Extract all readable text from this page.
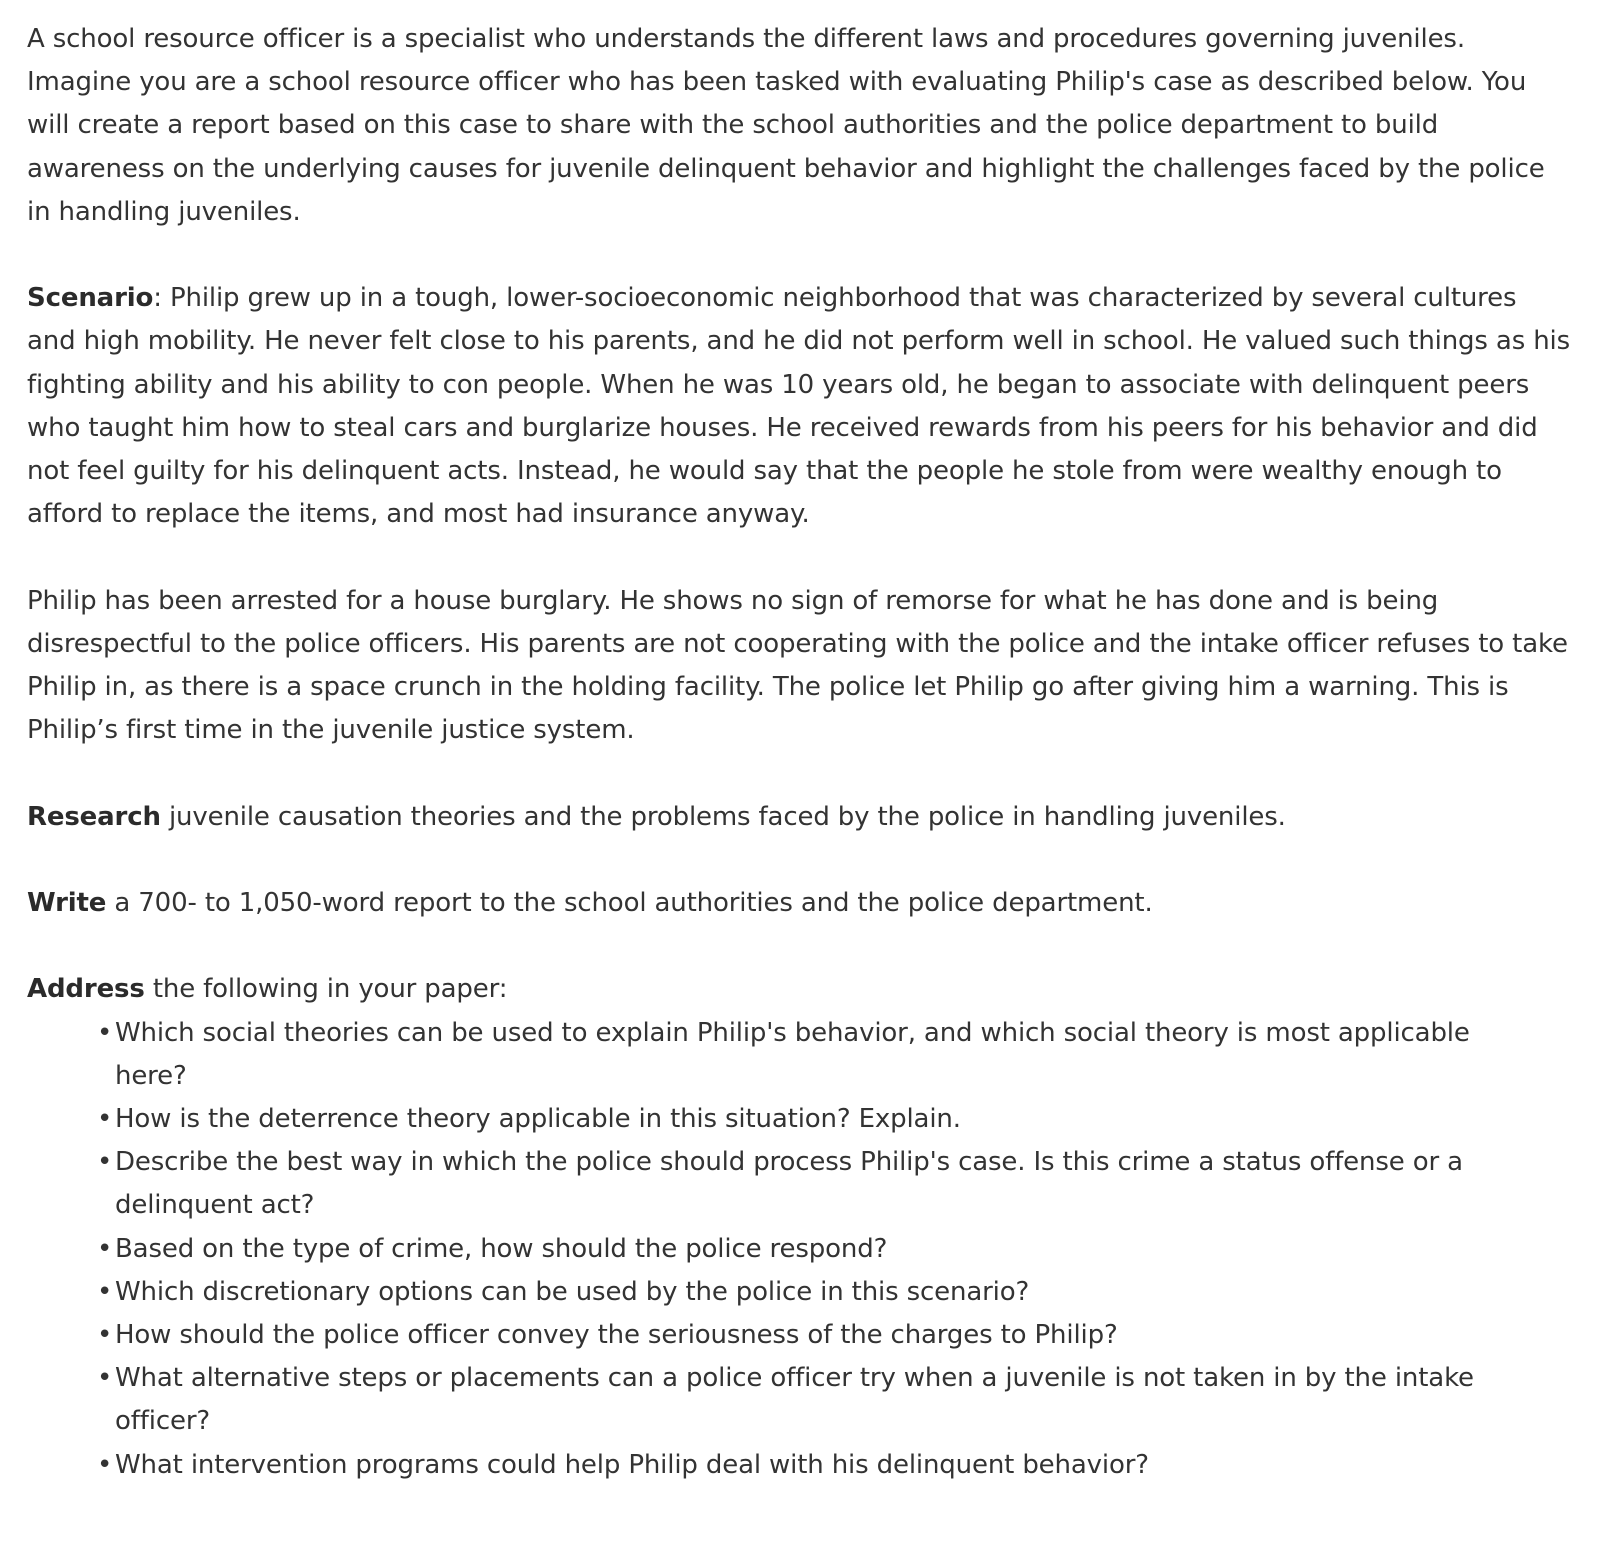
A school resource officer is a specialist who understands the different laws and procedures governing juveniles. Imagine you are a school resource officer who has been tasked with evaluating Philip's case as described below. You will create a report based on this case to share with the school authorities and the police department to build awareness on the underlying causes for juvenile delinquent behavior and highlight the challenges faced by the police in handling juveniles.

Scenario: Philip grew up in a tough, lower-socioeconomic neighborhood that was characterized by several cultures and high mobility. He never felt close to his parents, and he did not perform well in school. He valued such things as his fighting ability and his ability to con people. When he was 10 years old, he began to associate with delinquent peers who taught him how to steal cars and burglarize houses. He received rewards from his peers for his behavior and did not feel guilty for his delinquent acts. Instead, he would say that the people he stole from were wealthy enough to afford to replace the items, and most had insurance anyway.

Philip has been arrested for a house burglary. He shows no sign of remorse for what he has done and is being disrespectful to the police officers. His parents are not cooperating with the police and the intake officer refuses to take Philip in, as there is a space crunch in the holding facility. The police let Philip go after giving him a warning. This is Philip’s first time in the juvenile justice system.

Research juvenile causation theories and the problems faced by the police in handling juveniles.

Write a 700- to 1,050-word report to the school authorities and the police department.

Address the following in your paper:

• Which social theories can be used to explain Philip's behavior, and which social theory is most applicable here?
• How is the deterrence theory applicable in this situation? Explain.
• Describe the best way in which the police should process Philip's case. Is this crime a status offense or a delinquent act?
• Based on the type of crime, how should the police respond?
• Which discretionary options can be used by the police in this scenario?
• How should the police officer convey the seriousness of the charges to Philip?
• What alternative steps or placements can a police officer try when a juvenile is not taken in by the intake officer?
• What intervention programs could help Philip deal with his delinquent behavior?
